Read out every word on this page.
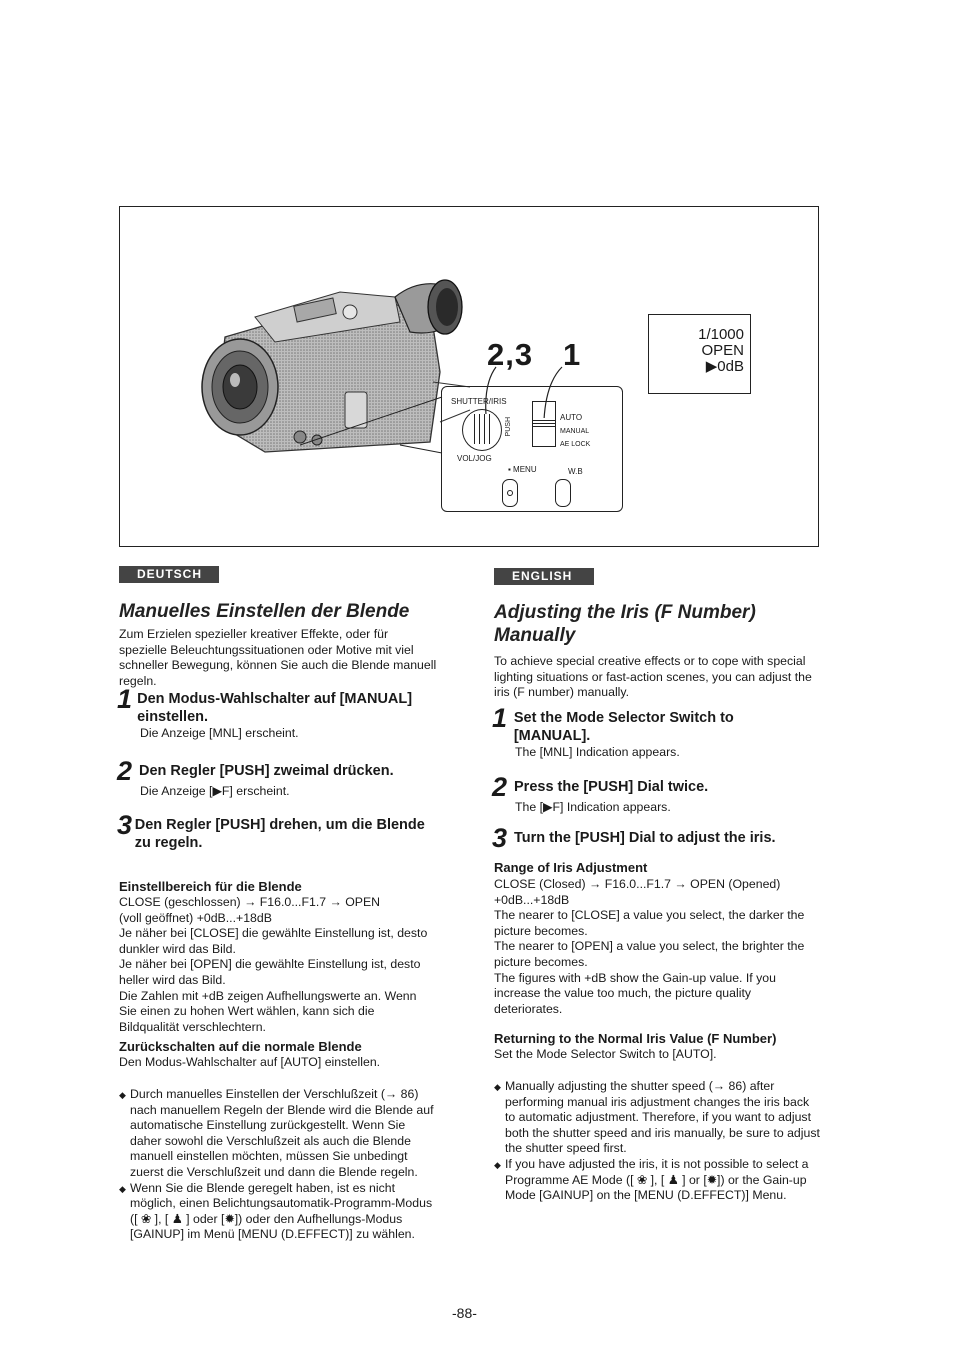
2,3 1
SHUTTER/IRIS
PUSH	AUTO
MANUAL
AE LOCK
VOL/JOG
▪ MENU	W.B
1/1000
OPEN
▶0dB
DEUTSCH
Manuelles Einstellen der Blende
Zum Erzielen spezieller kreativer Effekte, oder für spezielle Beleuchtungssituationen oder Motive mit viel schneller Bewegung, können Sie auch die Blende manuell regeln.
1 Den Modus-Wahlschalter auf [MANUAL] einstellen.
Die Anzeige [MNL] erscheint.
2 Den Regler [PUSH] zweimal drücken.
Die Anzeige [▶F] erscheint.
3 Den Regler [PUSH] drehen, um die Blende zu regeln.
Einstellbereich für die Blende
CLOSE (geschlossen) → F16.0...F1.7 → OPEN
(voll geöffnet) +0dB...+18dB
Je näher bei [CLOSE] die gewählte Einstellung ist, desto dunkler wird das Bild.
Je näher bei [OPEN] die gewählte Einstellung ist, desto heller wird das Bild.
Die Zahlen mit +dB zeigen Aufhellungswerte an. Wenn Sie einen zu hohen Wert wählen, kann sich die Bildqualität verschlechtern.
Zurückschalten auf die normale Blende
Den Modus-Wahlschalter auf [AUTO] einstellen.
◆ Durch manuelles Einstellen der Verschlußzeit (→ 86) nach manuellem Regeln der Blende wird die Blende auf automatische Einstellung zurückgestellt. Wenn Sie daher sowohl die Verschlußzeit als auch die Blende manuell einstellen möchten, müssen Sie unbedingt zuerst die Verschlußzeit und dann die Blende regeln.
◆ Wenn Sie die Blende geregelt haben, ist es nicht möglich, einen Belichtungsautomatik-Programm-Modus ([ ❀ ], [ ♟ ] oder [✹]) oder den Aufhellungs-Modus [GAINUP] im Menü [MENU (D.EFFECT)] zu wählen.
ENGLISH
Adjusting the Iris (F Number) Manually
To achieve special creative effects or to cope with special lighting situations or fast-action scenes, you can adjust the iris (F number) manually.
1 Set the Mode Selector Switch to [MANUAL].
The [MNL] Indication appears.
2 Press the [PUSH] Dial twice.
The [▶F] Indication appears.
3 Turn the [PUSH] Dial to adjust the iris.
Range of Iris Adjustment
CLOSE (Closed) → F16.0...F1.7 → OPEN (Opened) +0dB...+18dB
The nearer to [CLOSE] a value you select, the darker the picture becomes.
The nearer to [OPEN] a value you select, the brighter the picture becomes.
The figures with +dB show the Gain-up value. If you increase the value too much, the picture quality deteriorates.
Returning to the Normal Iris Value (F Number)
Set the Mode Selector Switch to [AUTO].
◆ Manually adjusting the shutter speed (→ 86) after performing manual iris adjustment changes the iris back to automatic adjustment. Therefore, if you want to adjust both the shutter speed and iris manually, be sure to adjust the shutter speed first.
◆ If you have adjusted the iris, it is not possible to select a Programme AE Mode ([ ❀ ], [ ♟ ] or [✹]) or the Gain-up Mode [GAINUP] on the [MENU (D.EFFECT)] Menu.
-88-
